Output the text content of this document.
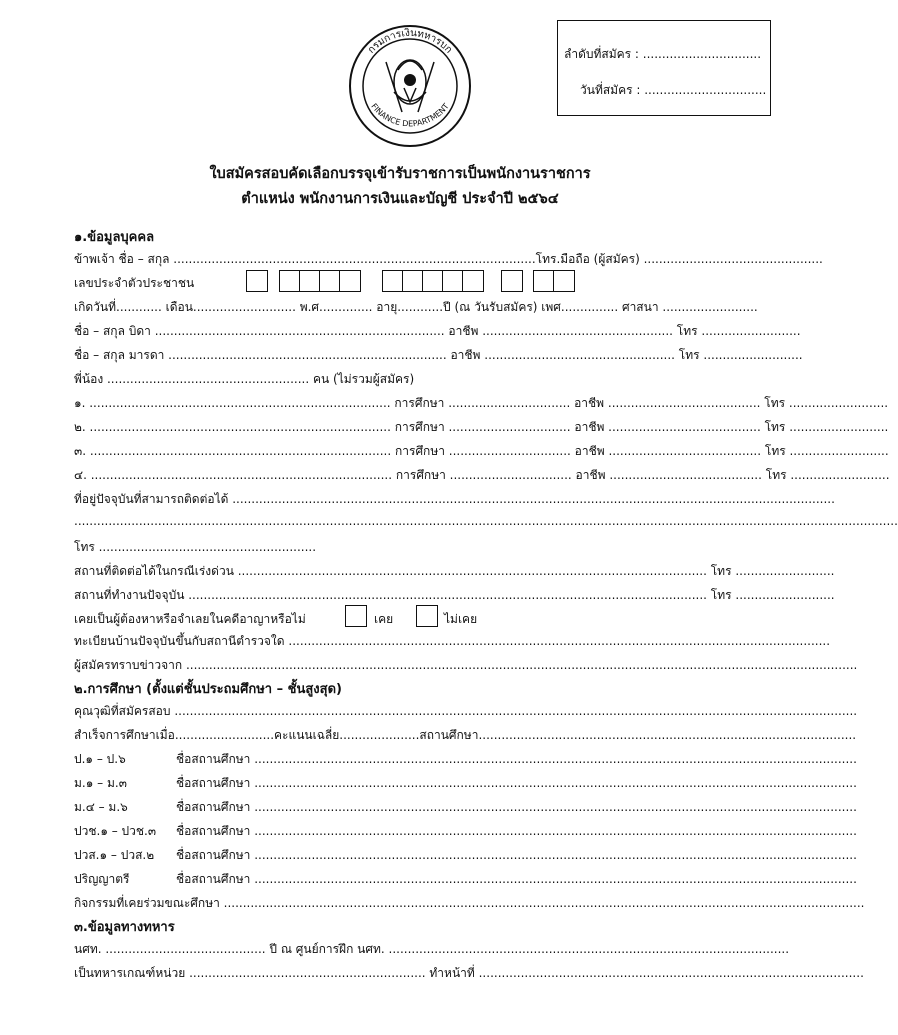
กรมการเงินทหารบก
FINANCE DEPARTMENT
ลำดับที่สมัคร : ...............................
วันที่สมัคร : ................................
ใบสมัครสอบคัดเลือกบรรจุเข้ารับราชการเป็นพนักงานราชการ
ตำแหน่ง พนักงานการเงินและบัญชี ประจำปี ๒๕๖๔
๑.ข้อมูลบุคคล
ข้าพเจ้า ชื่อ – สกุล ...............................................................................................โทร.มือถือ (ผู้สมัคร) ...............................................
เลขประจำตัวประชาชน
เกิดวันที่............ เดือน........................... พ.ศ.............. อายุ............ปี (ณ วันรับสมัคร) เพศ............... ศาสนา .........................
ชื่อ – สกุล บิดา ............................................................................ อาชีพ .................................................. โทร ..........................
ชื่อ – สกุล มารดา ......................................................................... อาชีพ .................................................. โทร ..........................
พี่น้อง ..................................................... คน (ไม่รวมผู้สมัคร)
๑. ............................................................................... การศึกษา ................................ อาชีพ ........................................ โทร ..........................
๒. ............................................................................... การศึกษา ................................ อาชีพ ........................................ โทร ..........................
๓. ............................................................................... การศึกษา ................................ อาชีพ ........................................ โทร ..........................
๔. ............................................................................... การศึกษา ................................ อาชีพ ........................................ โทร ..........................
ที่อยู่ปัจจุบันที่สามารถติดต่อได้ ..............................................................................................................................................................
........................................................................................................................................................................................................................
โทร .........................................................
สถานที่ติดต่อได้ในกรณีเร่งด่วน ........................................................................................................................... โทร ..........................
สถานที่ทำงานปัจจุบัน ........................................................................................................................................ โทร ..........................
เคยเป็นผู้ต้องหาหรือจำเลยในคดีอาญาหรือไม่	เคย	ไม่เคย
ทะเบียนบ้านปัจจุบันขึ้นกับสถานีตำรวจใด ..............................................................................................................................................
ผู้สมัครทราบข่าวจาก ................................................................................................................................................................................
๒.การศึกษา (ตั้งแต่ชั้นประถมศึกษา – ชั้นสูงสุด)
คุณวุฒิที่สมัครสอบ ...................................................................................................................................................................................
สำเร็จการศึกษาเมื่อ..........................คะแนนเฉลี่ย.....................สถานศึกษา...................................................................................................
ป.๑ – ป.๖	ชื่อสถานศึกษา ..............................................................................................................................................................
ม.๑ – ม.๓	ชื่อสถานศึกษา ..............................................................................................................................................................
ม.๔ – ม.๖	ชื่อสถานศึกษา ..............................................................................................................................................................
ปวช.๑ – ปวช.๓ ชื่อสถานศึกษา ..............................................................................................................................................................
ปวส.๑ – ปวส.๒ ชื่อสถานศึกษา ..............................................................................................................................................................
ปริญญาตรี	ชื่อสถานศึกษา ..............................................................................................................................................................
กิจกรรมที่เคยร่วมขณะศึกษา ........................................................................................................................................................................
๓.ข้อมูลทางทหาร
นศท. .......................................... ปี ณ ศูนย์การฝึก นศท. .........................................................................................................
เป็นทหารเกณฑ์หน่วย .............................................................. ทำหน้าที่ .....................................................................................................
